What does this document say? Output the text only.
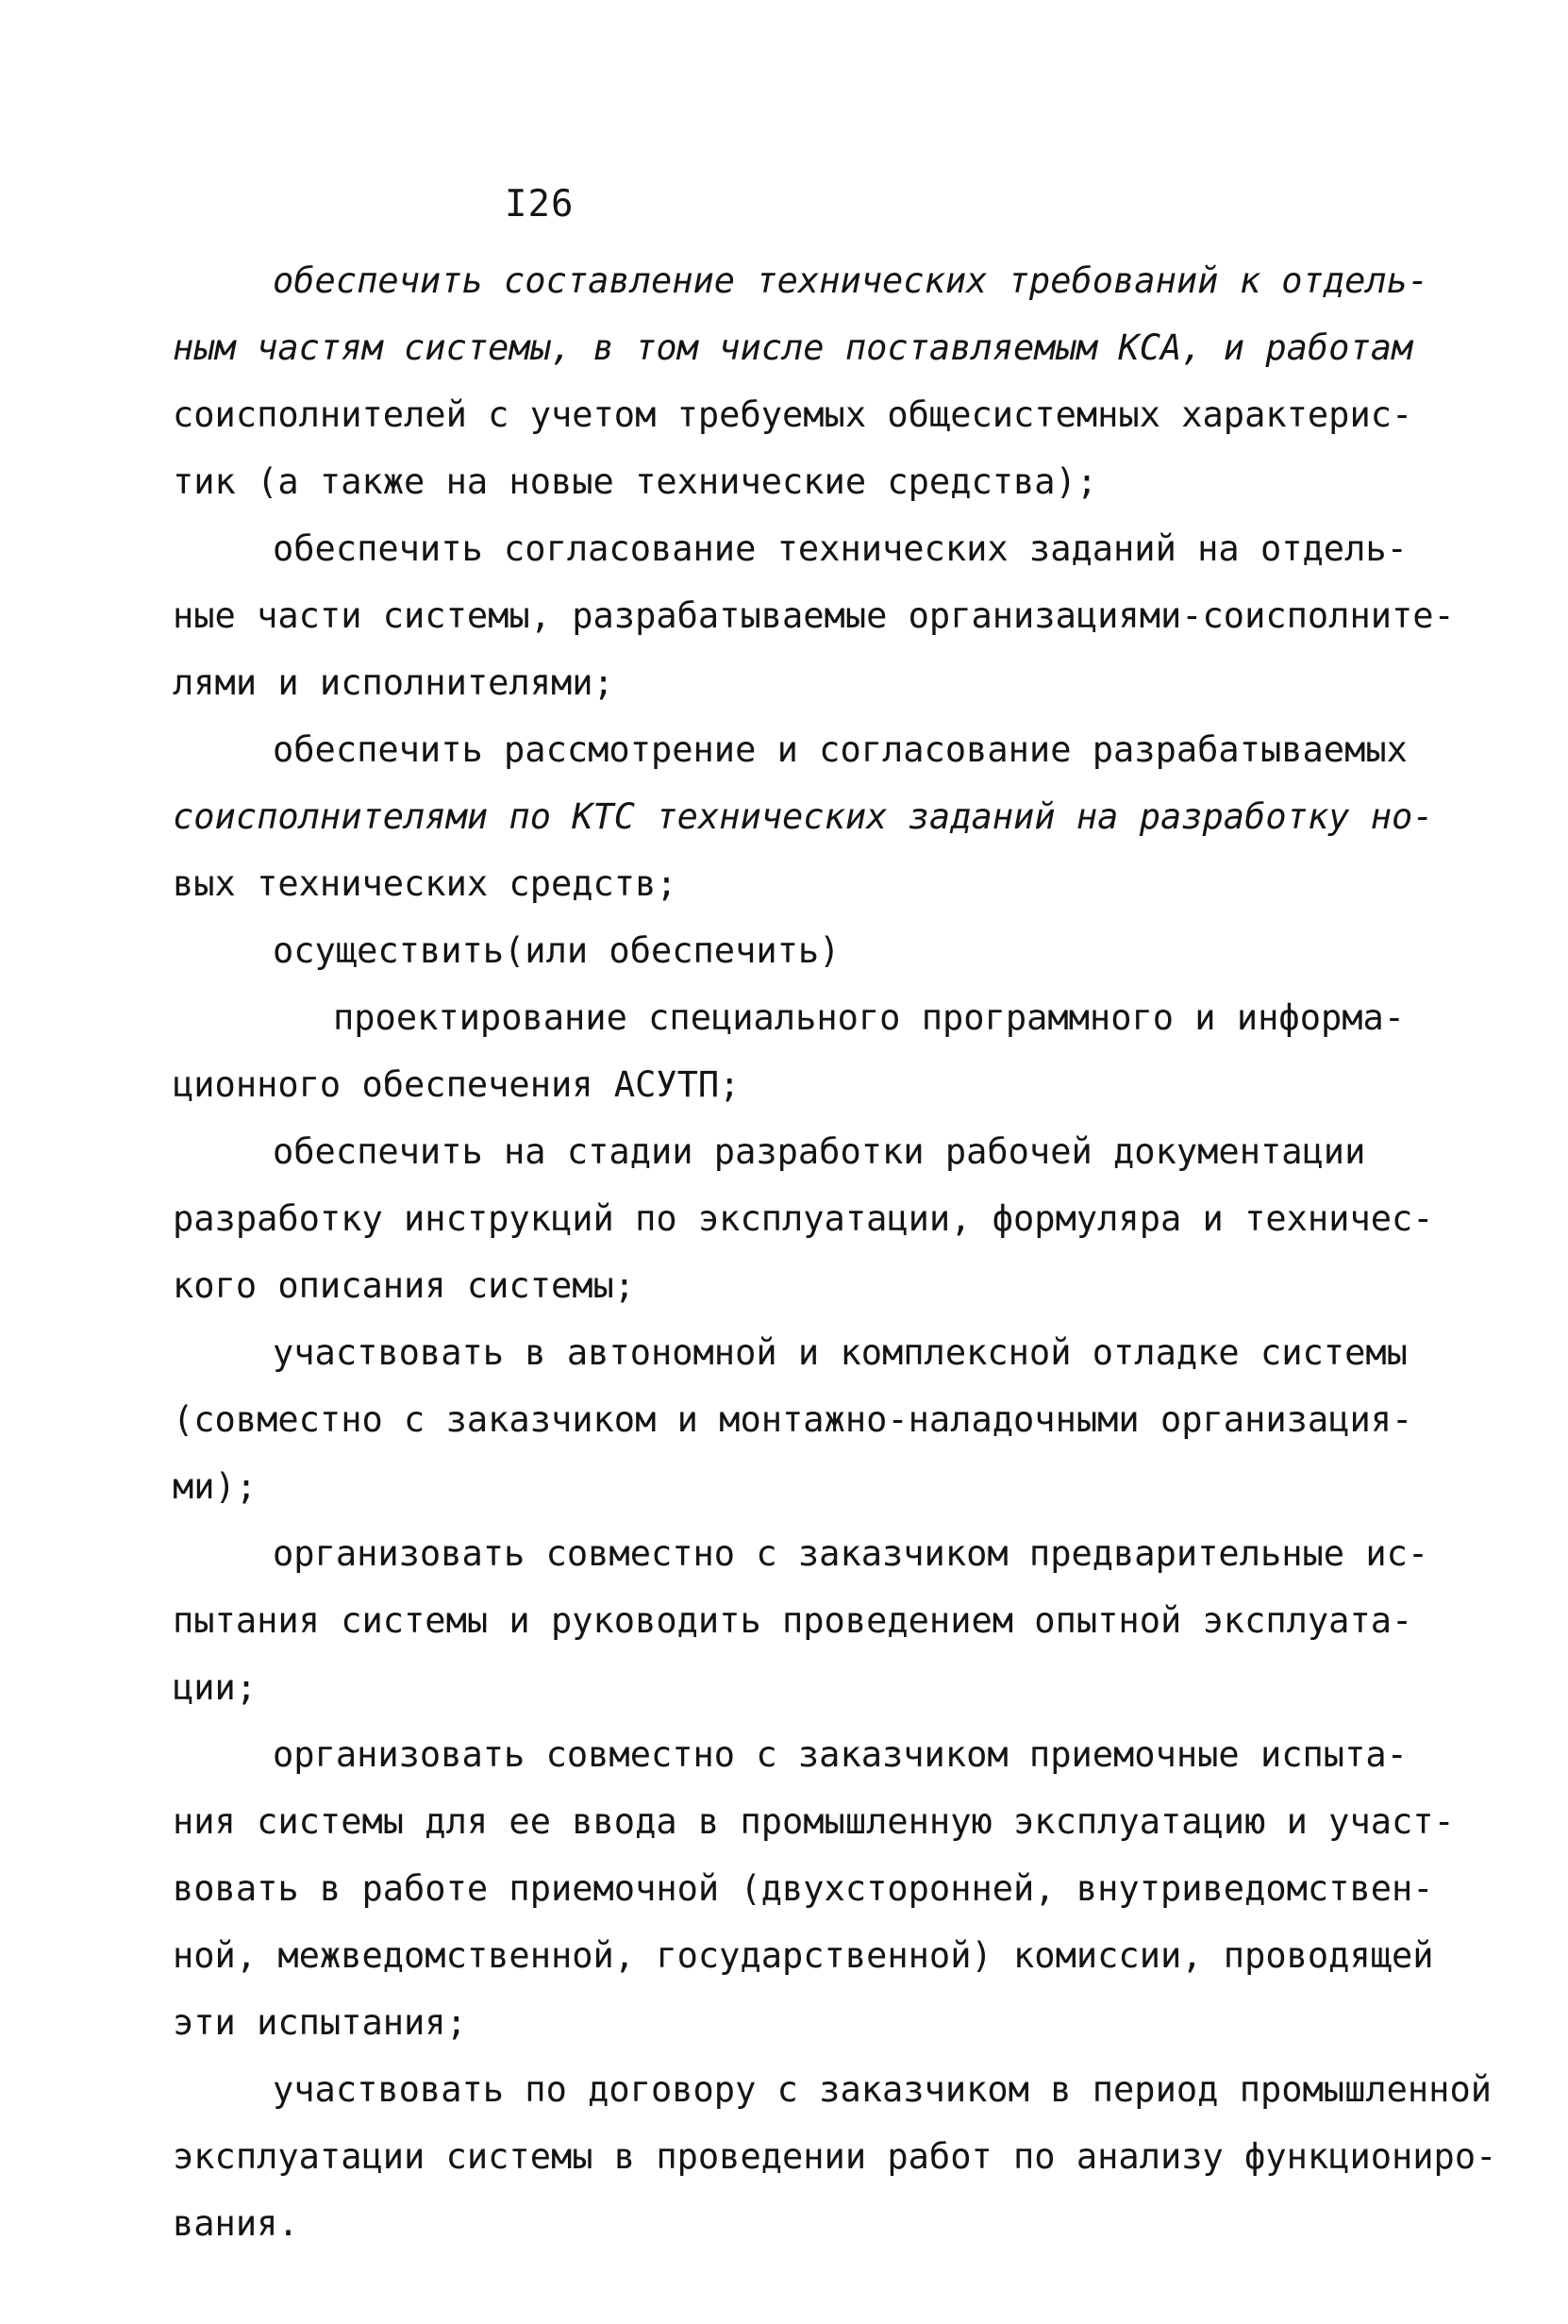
I26
обеспечить составление технических требований к отдель-
ным частям системы, в том числе поставляемым КСА, и работам
соисполнителей с учетом требуемых общесистемных характерис-
тик (а также на новые технические средства);
обеспечить согласование технических заданий на отдель-
ные части системы, разрабатываемые организациями-соисполните-
лями и исполнителями;
обеспечить рассмотрение и согласование разрабатываемых
соисполнителями по КТС технических заданий на разработку но-
вых технических средств;
осуществить(или обеспечить)
проектирование специального программного и информа-
ционного обеспечения АСУТП;
обеспечить на стадии разработки рабочей документации
разработку инструкций по эксплуатации, формуляра и техничес-
кого описания системы;
участвовать в автономной и комплексной отладке системы
(совместно с заказчиком и монтажно-наладочными организация-
ми);
организовать совместно с заказчиком предварительные ис-
пытания системы и руководить проведением опытной эксплуата-
ции;
организовать совместно с заказчиком приемочные испыта-
ния системы для ее ввода в промышленную эксплуатацию и участ-
вовать в работе приемочной (двухсторонней, внутриведомствен-
ной, межведомственной, государственной) комиссии, проводящей
эти испытания;
участвовать по договору с заказчиком в период промышленной
эксплуатации системы в проведении работ по анализу функциониро-
вания.
